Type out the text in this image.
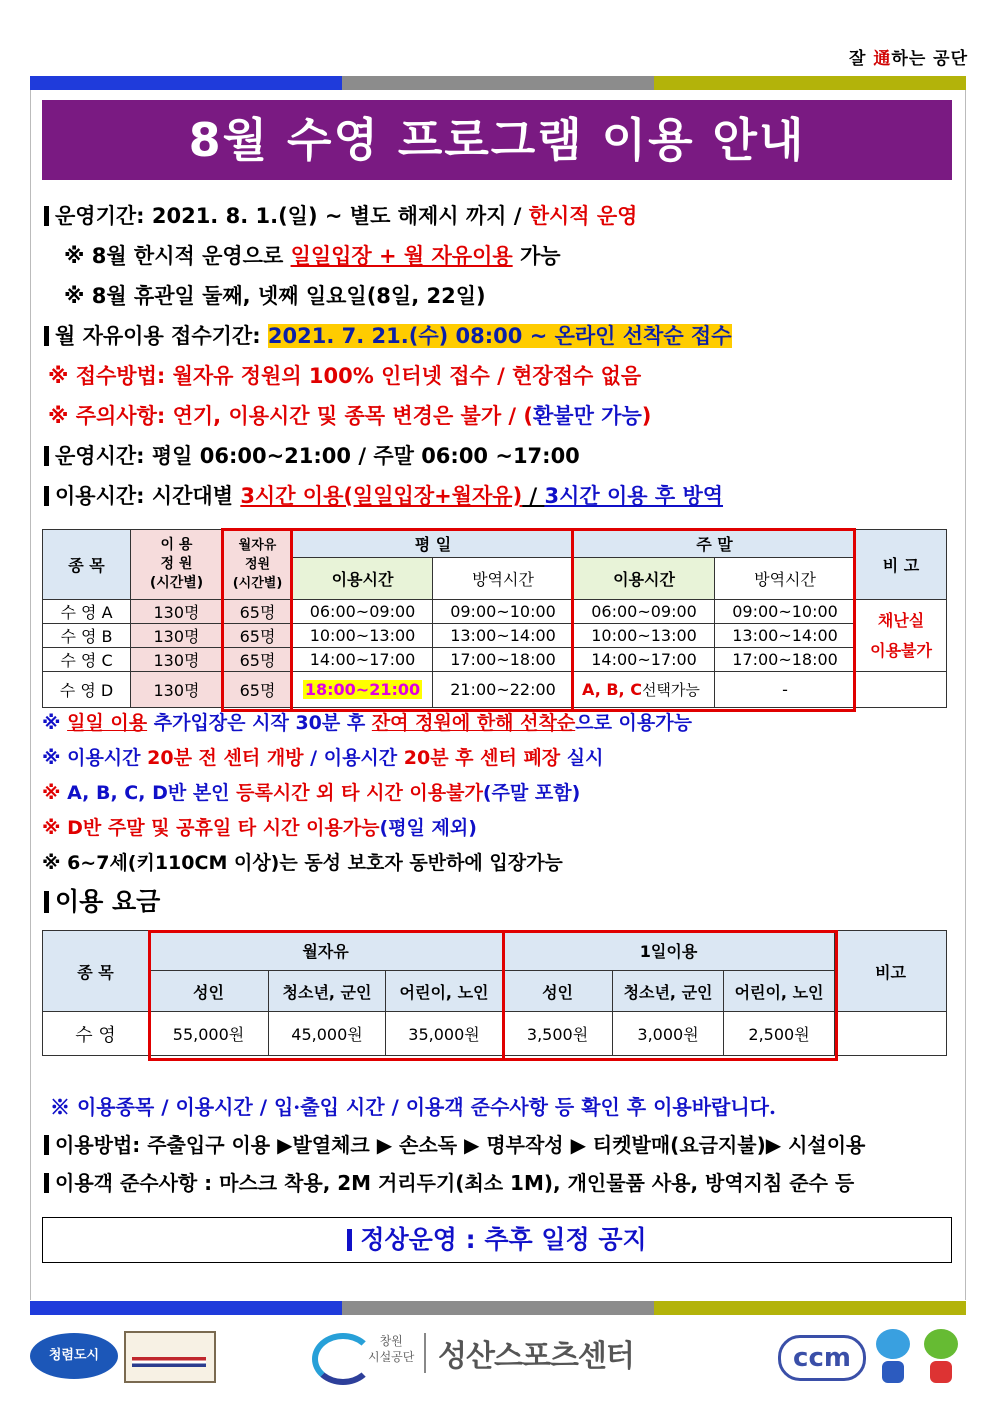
잘 通하는 공단
8월 수영 프로그램 이용 안내
운영기간: 2021. 8. 1.(일) ~ 별도 해제시 까지 / 한시적 운영
※ 8월 한시적 운영으로 일일입장 + 월 자유이용 가능
※ 8월 휴관일 둘째, 넷째 일요일(8일, 22일)
월 자유이용 접수기간: 2021. 7. 21.(수) 08:00 ~ 온라인 선착순 접수
※ 접수방법: 월자유 정원의 100% 인터넷 접수 / 현장접수 없음
※ 주의사항: 연기, 이용시간 및 종목 변경은 불가 / (환불만 가능)
운영시간: 평일 06:00~21:00 / 주말 06:00 ~17:00
이용시간: 시간대별 3시간 이용(일일입장+월자유) / 3시간 이용 후 방역
종 목	이 용
정 원
(시간별)	월자유
정원
(시간별)	평 일		주 말		비 고
			이용시간	방역시간	이용시간	방역시간	
수 영 A	130명	65명	06:00~09:00	09:00~10:00	06:00~09:00	09:00~10:00	채난실
이용불가
수 영 B	130명	65명	10:00~13:00	13:00~14:00	10:00~13:00	13:00~14:00	
수 영 C	130명	65명	14:00~17:00	17:00~18:00	14:00~17:00	17:00~18:00	
수 영 D	130명	65명	18:00~21:00	21:00~22:00	A, B, C선택가능	-	
※ 일일 이용 추가입장은 시작 30분 후 잔여 정원에 한해 선착순으로 이용가능
※ 이용시간 20분 전 센터 개방 / 이용시간 20분 후 센터 폐장 실시
※ A, B, C, D반 본인 등록시간 외 타 시간 이용불가(주말 포함)
※ D반 주말 및 공휴일 타 시간 이용가능(평일 제외)
※ 6~7세(키110CM 이상)는 동성 보호자 동반하에 입장가능
이용 요금
종 목	월자유			1일이용			비고
	성인	청소년, 군인	어린이, 노인	성인	청소년, 군인	어린이, 노인	
수 영	55,000원	45,000원	35,000원	3,500원	3,000원	2,500원	
※ 이용종목 / 이용시간 / 입·출입 시간 / 이용객 준수사항 등 확인 후 이용바랍니다.
이용방법: 주출입구 이용 ▶발열체크 ▶ 손소독 ▶ 명부작성 ▶ 티켓발매(요금지불)▶ 시설이용
이용객 준수사항 : 마스크 착용, 2M 거리두기(최소 1M), 개인물품 사용, 방역지침 준수 등
정상운영 : 추후 일정 공지
청렴도시
창원
시설공단 성산스포츠센터	ccm
